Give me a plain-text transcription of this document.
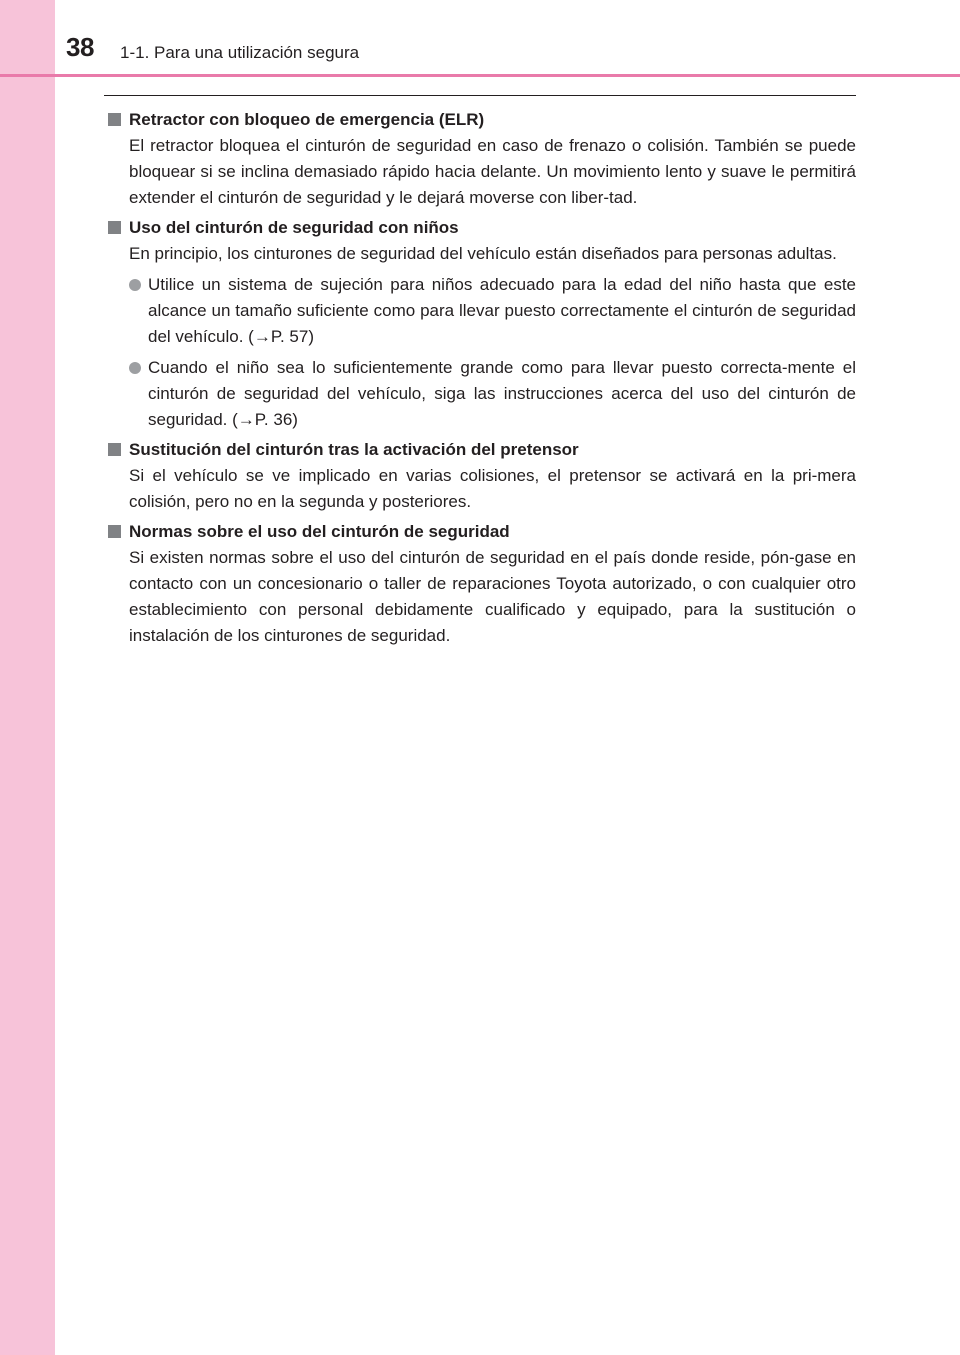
38 1-1. Para una utilización segura
Retractor con bloqueo de emergencia (ELR)
El retractor bloquea el cinturón de seguridad en caso de frenazo o colisión. También se puede bloquear si se inclina demasiado rápido hacia delante. Un movimiento lento y suave le permitirá extender el cinturón de seguridad y le dejará moverse con liber-tad.
Uso del cinturón de seguridad con niños
En principio, los cinturones de seguridad del vehículo están diseñados para personas adultas.
Utilice un sistema de sujeción para niños adecuado para la edad del niño hasta que este alcance un tamaño suficiente como para llevar puesto correctamente el cinturón de seguridad del vehículo. (→P. 57)
Cuando el niño sea lo suficientemente grande como para llevar puesto correcta-mente el cinturón de seguridad del vehículo, siga las instrucciones acerca del uso del cinturón de seguridad. (→P. 36)
Sustitución del cinturón tras la activación del pretensor
Si el vehículo se ve implicado en varias colisiones, el pretensor se activará en la pri-mera colisión, pero no en la segunda y posteriores.
Normas sobre el uso del cinturón de seguridad
Si existen normas sobre el uso del cinturón de seguridad en el país donde reside, pón-gase en contacto con un concesionario o taller de reparaciones Toyota autorizado, o con cualquier otro establecimiento con personal debidamente cualificado y equipado, para la sustitución o instalación de los cinturones de seguridad.
